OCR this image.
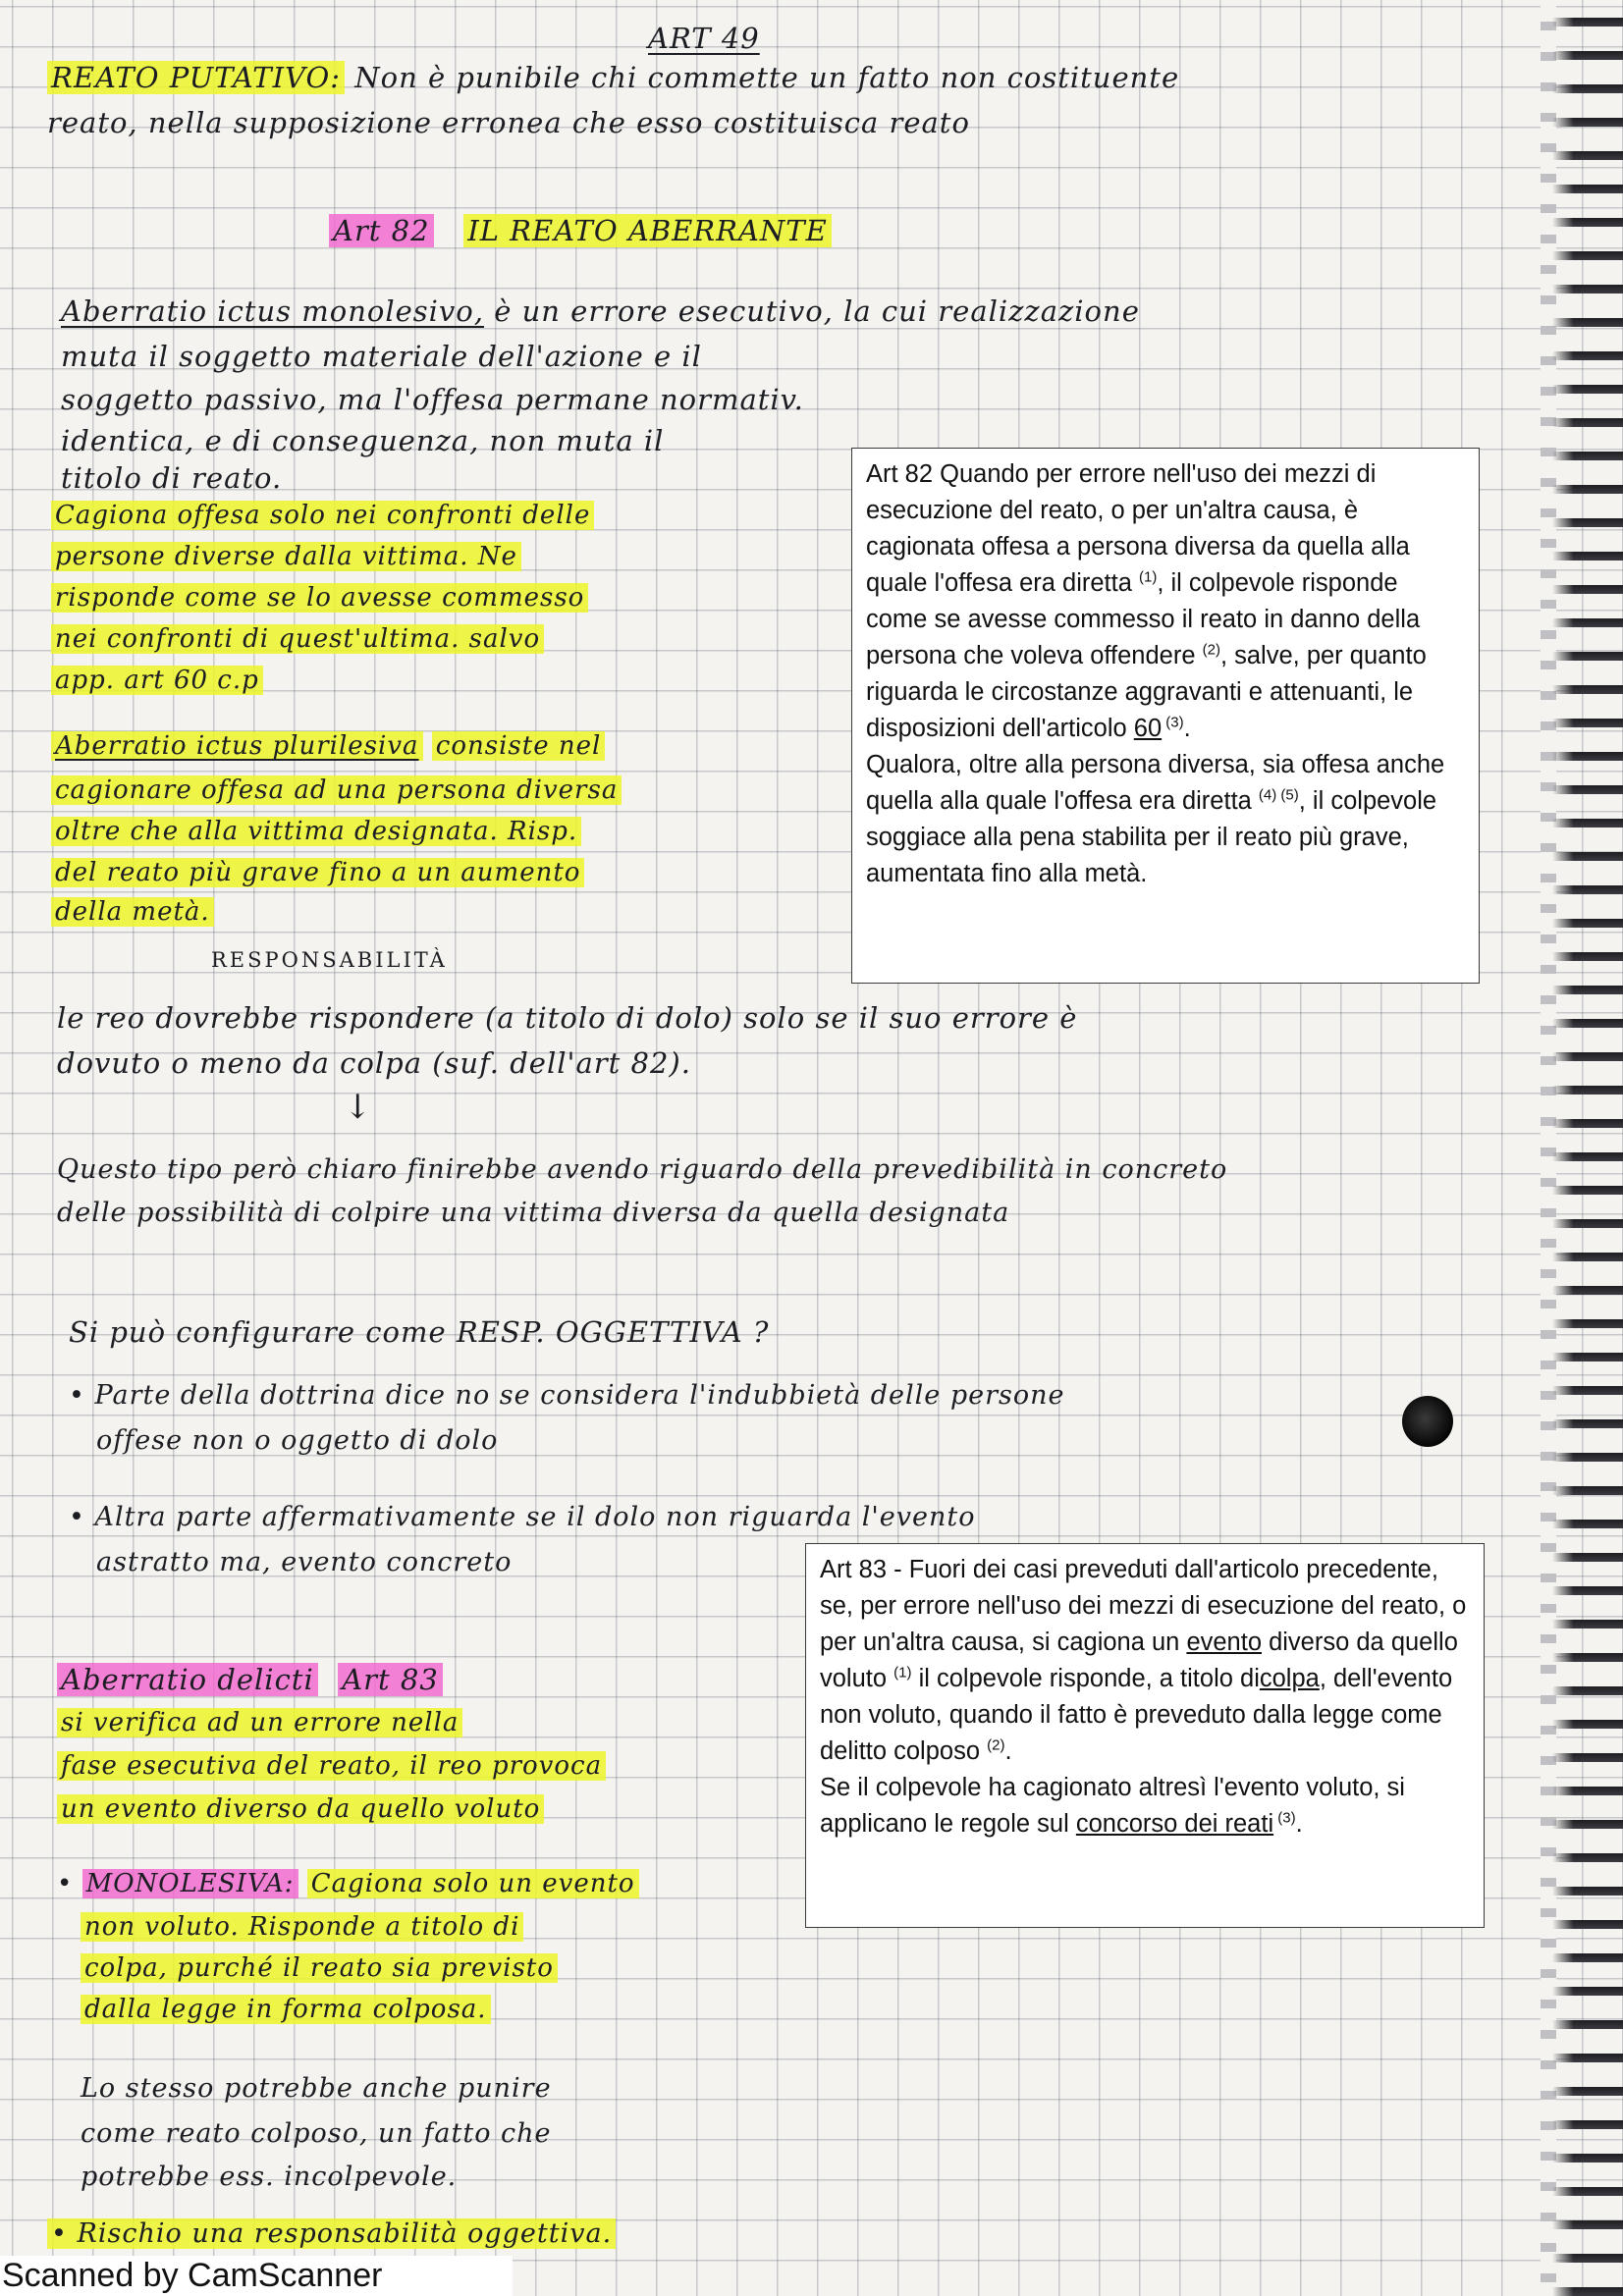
ART 49

REATO PUTATIVO: Non è punibile chi commette un fatto non costituente

reato, nella supposizione erronea che esso costituisca reato

Art 82 IL REATO ABERRANTE

Aberratio ictus monolesivo, è un errore esecutivo, la cui realizzazione

muta il soggetto materiale dell'azione e il

soggetto passivo, ma l'offesa permane normativ.

identica, e di conseguenza, non muta il

titolo di reato.

Cagiona offesa solo nei confronti delle

persone diverse dalla vittima. Ne

risponde come se lo avesse commesso

nei confronti di quest'ultima. salvo

app. art 60 c.p

Aberratio ictus plurilesiva consiste nel

cagionare offesa ad una persona diversa

oltre che alla vittima designata. Risp.

del reato più grave fino a un aumento

della metà.

RESPONSABILITÀ

le reo dovrebbe rispondere (a titolo di dolo) solo se il suo errore è

dovuto o meno da colpa (suf. dell'art 82).

↓

Questo tipo però chiaro finirebbe avendo riguardo della prevedibilità in concreto

delle possibilità di colpire una vittima diversa da quella designata

Si può configurare come RESP. OGGETTIVA ?

• Parte della dottrina dice no se considera l'indubbietà delle persone

offese non o oggetto di dolo

• Altra parte affermativamente se il dolo non riguarda l'evento

astratto ma, evento concreto

Aberratio delicti Art 83

si verifica ad un errore nella

fase esecutiva del reato, il reo provoca

un evento diverso da quello voluto

• MONOLESIVA: Cagiona solo un evento

non voluto. Risponde a titolo di

colpa, purché il reato sia previsto

dalla legge in forma colposa.

Lo stesso potrebbe anche punire

come reato colposo, un fatto che

potrebbe ess. incolpevole.

• Rischio una responsabilità oggettiva.

Art 82 Quando per errore nell'uso dei mezzi di esecuzione del reato, o per un'altra causa, è cagionata offesa a persona diversa da quella alla quale l'offesa era diretta $^{(1)}$, il colpevole risponde come se avesse commesso il reato in danno della persona che voleva offendere $^{(2)}$, salve, per quanto riguarda le circostanze aggravanti e attenuanti, le disposizioni dell'articolo 60 $^{(3)}$.

Qualora, oltre alla persona diversa, sia offesa anche quella alla quale l'offesa era diretta $^{(4) (5)}$, il colpevole soggiace alla pena stabilita per il reato più grave, aumentata fino alla metà.

Art 83 - Fuori dei casi preveduti dall'articolo precedente, se, per errore nell'uso dei mezzi di esecuzione del reato, o per un'altra causa, si cagiona un evento diverso da quello voluto $^{(1)}$ il colpevole risponde, a titolo dicolpa, dell'evento non voluto, quando il fatto è preveduto dalla legge come delitto colposo $^{(2)}$.

Se il colpevole ha cagionato altresì l'evento voluto, si applicano le regole sul concorso dei reati $^{(3)}$.

Scanned by CamScanner
